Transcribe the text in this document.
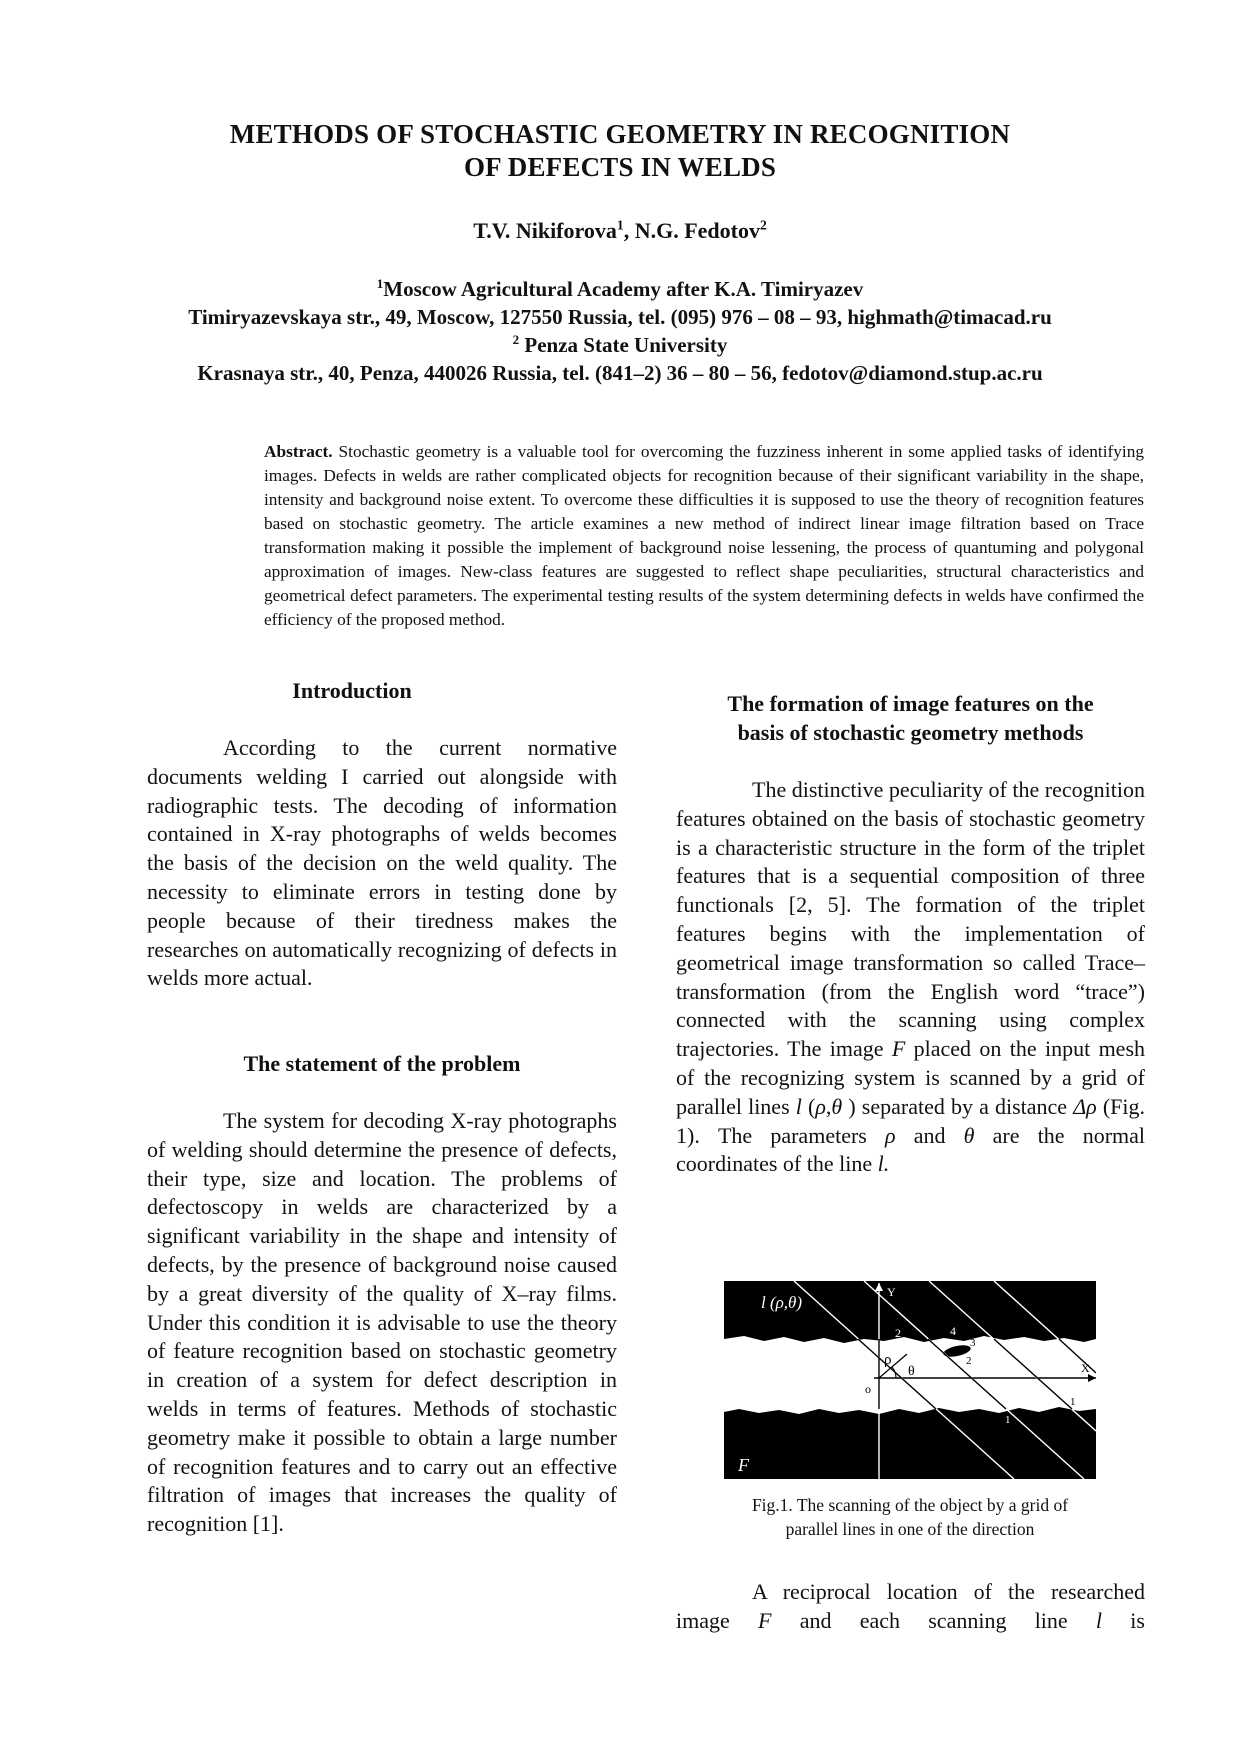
METHODS OF STOCHASTIC GEOMETRY IN RECOGNITION
OF DEFECTS IN WELDS
T.V. Nikiforova$^1$, N.G. Fedotov$^2$
$^1$Moscow Agricultural Academy after K.A. Timiryazev
Timiryazevskaya str., 49, Moscow, 127550 Russia, tel. (095) 976 – 08 – 93, highmath@timacad.ru
$^2$ Penza State University
Krasnaya str., 40, Penza, 440026 Russia, tel. (841–2) 36 – 80 – 56, fedotov@diamond.stup.ac.ru
Abstract. Stochastic geometry is a valuable tool for overcoming the fuzziness inherent in some applied tasks of identifying images. Defects in welds are rather complicated objects for recognition because of their significant variability in the shape, intensity and background noise extent. To overcome these difficulties it is supposed to use the theory of recognition features based on stochastic geometry. The article examines a new method of indirect linear image filtration based on Trace transformation making it possible the implement of background noise lessening, the process of quantuming and polygonal approximation of images. New-class features are suggested to reflect shape peculiarities, structural characteristics and geometrical defect parameters. The experimental testing results of the system determining defects in welds have confirmed the efficiency of the proposed method.
Introduction

According to the current normative documents welding I carried out alongside with radiographic tests. The decoding of information contained in X-ray photographs of welds becomes the basis of the decision on the weld quality. The necessity to eliminate errors in testing done by people because of their tiredness makes the researches on automatically recognizing of defects in welds more actual.

The statement of the problem

The system for decoding X-ray photographs of welding should determine the presence of defects, their type, size and location. The problems of defectoscopy in welds are characterized by a significant variability in the shape and intensity of defects, by the presence of background noise caused by a great diversity of the quality of X–ray films. Under this condition it is advisable to use the theory of feature recognition based on stochastic geometry in creation of a system for defect description in welds in terms of features. Methods of stochastic geometry make it possible to obtain a large number of recognition features and to carry out an effective filtration of images that increases the quality of recognition [1].

The formation of image features on the
basis of stochastic geometry methods

The distinctive peculiarity of the recognition features obtained on the basis of stochastic geometry is a characteristic structure in the form of the triplet features that is a sequential composition of three functionals [2, 5]. The formation of the triplet features begins with the implementation of geometrical image transformation so called Trace–transformation (from the English word “trace”) connected with the scanning using complex trajectories. The image F placed on the input mesh of the recognizing system is scanned by a grid of parallel lines l (ρ,θ ) separated by a distance Δρ (Fig. 1). The parameters ρ and θ are the normal coordinates of the line l.

l (ρ,θ)
Y
X
o
ρ
θ
F
2	4
3
2
1
1
Fig.1. The scanning of the object by a grid of
parallel lines in one of the direction

A reciprocal location of the researched image F and each scanning line l is
